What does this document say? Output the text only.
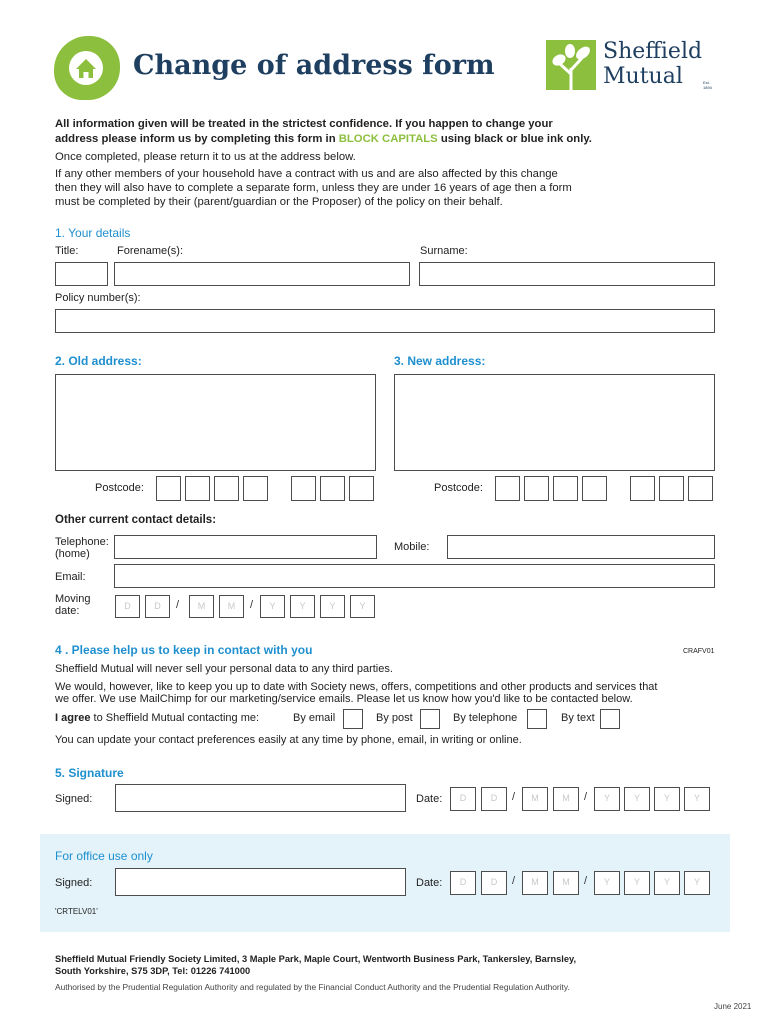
Change of address form	Sheffield
Mutual	Est. 1894
All information given will be treated in the strictest confidence. If you happen to change your
address please inform us by completing this form in BLOCK CAPITALS using black or blue ink only.
Once completed, please return it to us at the address below.
If any other members of your household have a contract with us and are also affected by this change
then they will also have to complete a separate form, unless they are under 16 years of age then a form
must be completed by their (parent/guardian or the Proposer) of the policy on their behalf.
1. Your details
Title:	Forename(s):	Surname:
Policy number(s):
2. Old address:	3. New address:
Postcode:	Postcode:
Other current contact details:
Telephone:
(home)
Mobile:
Email:
Moving
date:	D	D	/	M	M	/	Y	Y	Y	Y
4 . Please help us to keep in contact with you	CRAFV01
Sheffield Mutual will never sell your personal data to any third parties.
We would, however, like to keep you up to date with Society news, offers, competitions and other products and services that
we offer. We use MailChimp for our marketing/service emails. Please let us know how you'd like to be contacted below.
I agree to Sheffield Mutual contacting me:	By email	By post	By telephone	By text
You can update your contact preferences easily at any time by phone, email, in writing or online.
5. Signature
Signed:	Date:	D	D	/	M	M	/	Y	Y	Y	Y
For office use only
Signed:	Date:	D	D	/	M	M	/	Y	Y	Y	Y
'CRTELV01'
Sheffield Mutual Friendly Society Limited, 3 Maple Park, Maple Court, Wentworth Business Park, Tankersley, Barnsley,
South Yorkshire, S75 3DP, Tel: 01226 741000
Authorised by the Prudential Regulation Authority and regulated by the Financial Conduct Authority and the Prudential Regulation Authority.
June 2021
